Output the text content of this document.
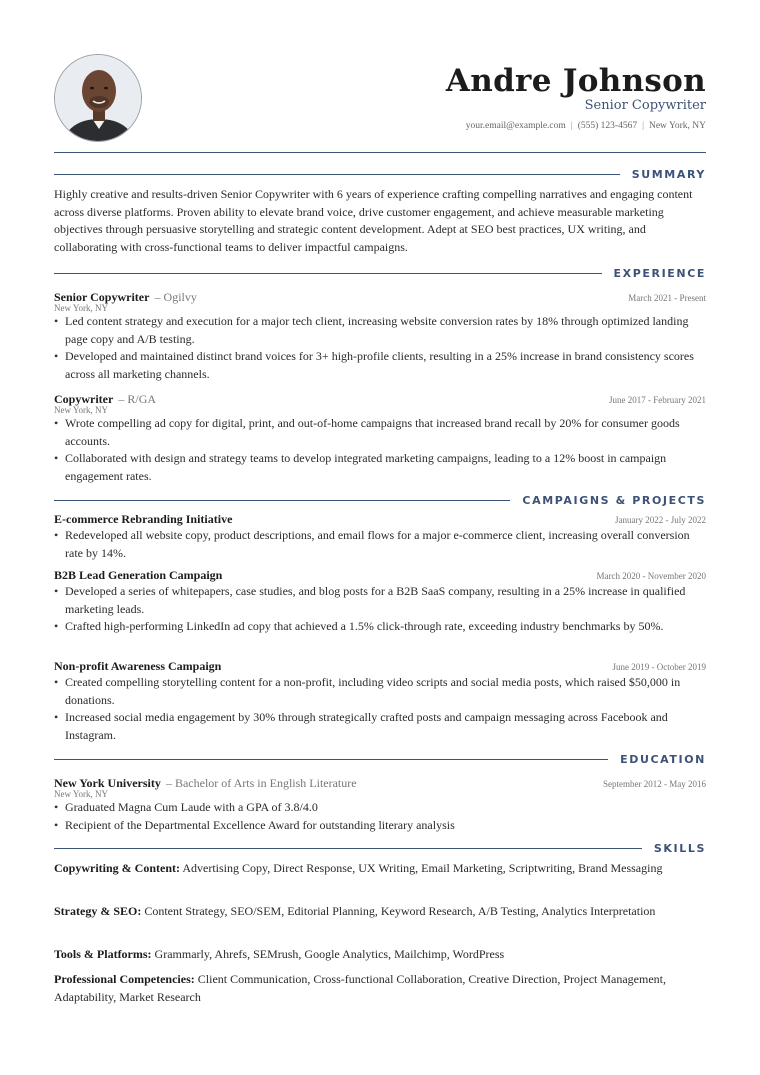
Andre Johnson
Senior Copywriter
your.email@example.com | (555) 123-4567 | New York, NY
SUMMARY
Highly creative and results-driven Senior Copywriter with 6 years of experience crafting compelling narratives and engaging content across diverse platforms. Proven ability to elevate brand voice, drive customer engagement, and achieve measurable marketing objectives through persuasive storytelling and strategic content development. Adept at SEO best practices, UX writing, and collaborating with cross-functional teams to deliver impactful campaigns.
EXPERIENCE
Senior Copywriter – Ogilvy	March 2021 - Present
New York, NY
• Led content strategy and execution for a major tech client, increasing website conversion rates by 18% through optimized landing page copy and A/B testing.
• Developed and maintained distinct brand voices for 3+ high-profile clients, resulting in a 25% increase in brand consistency scores across all marketing channels.
Copywriter – R/GA	June 2017 - February 2021
New York, NY
• Wrote compelling ad copy for digital, print, and out-of-home campaigns that increased brand recall by 20% for consumer goods accounts.
• Collaborated with design and strategy teams to develop integrated marketing campaigns, leading to a 12% boost in campaign engagement rates.
CAMPAIGNS & PROJECTS
E-commerce Rebranding Initiative	January 2022 - July 2022
• Redeveloped all website copy, product descriptions, and email flows for a major e-commerce client, increasing overall conversion rate by 14%.
B2B Lead Generation Campaign	March 2020 - November 2020
• Developed a series of whitepapers, case studies, and blog posts for a B2B SaaS company, resulting in a 25% increase in qualified marketing leads.
• Crafted high-performing LinkedIn ad copy that achieved a 1.5% click-through rate, exceeding industry benchmarks by 50%.
Non-profit Awareness Campaign	June 2019 - October 2019
• Created compelling storytelling content for a non-profit, including video scripts and social media posts, which raised $50,000 in donations.
• Increased social media engagement by 30% through strategically crafted posts and campaign messaging across Facebook and Instagram.
EDUCATION
New York University – Bachelor of Arts in English Literature	September 2012 - May 2016
New York, NY
• Graduated Magna Cum Laude with a GPA of 3.8/4.0
• Recipient of the Departmental Excellence Award for outstanding literary analysis
SKILLS
Copywriting & Content: Advertising Copy, Direct Response, UX Writing, Email Marketing, Scriptwriting, Brand Messaging
Strategy & SEO: Content Strategy, SEO/SEM, Editorial Planning, Keyword Research, A/B Testing, Analytics Interpretation
Tools & Platforms: Grammarly, Ahrefs, SEMrush, Google Analytics, Mailchimp, WordPress
Professional Competencies: Client Communication, Cross-functional Collaboration, Creative Direction, Project Management, Adaptability, Market Research
